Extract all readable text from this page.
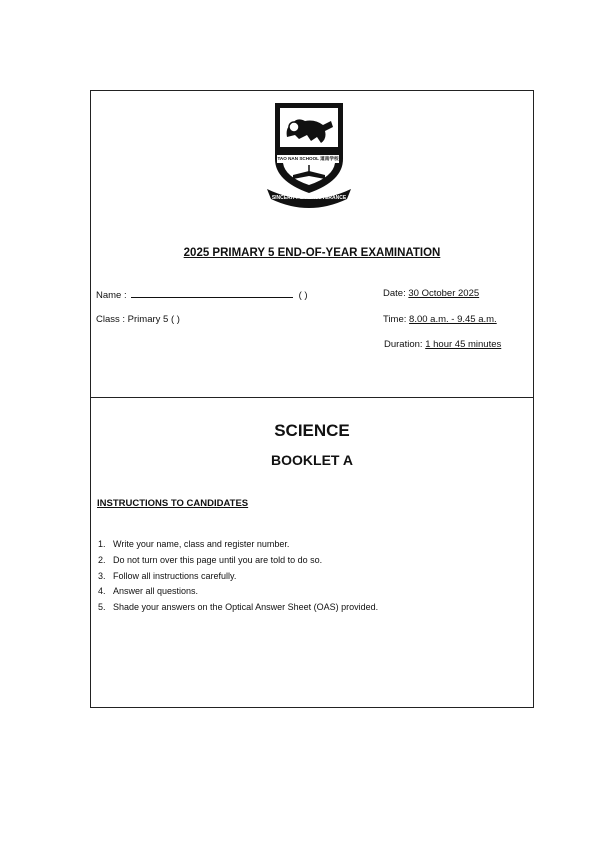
TAO NAN SCHOOL 道南学校
SINCERITY & PERSEVERANCE
2025 PRIMARY 5 END-OF-YEAR EXAMINATION
Name :	( )
Class : Primary 5 ( )
Date: 30 October 2025
Time: 8.00 a.m. - 9.45 a.m.
Duration: 1 hour 45 minutes
SCIENCE
BOOKLET A
INSTRUCTIONS TO CANDIDATES
1. Write your name, class and register number.
2. Do not turn over this page until you are told to do so.
3. Follow all instructions carefully.
4. Answer all questions.
5. Shade your answers on the Optical Answer Sheet (OAS) provided.
